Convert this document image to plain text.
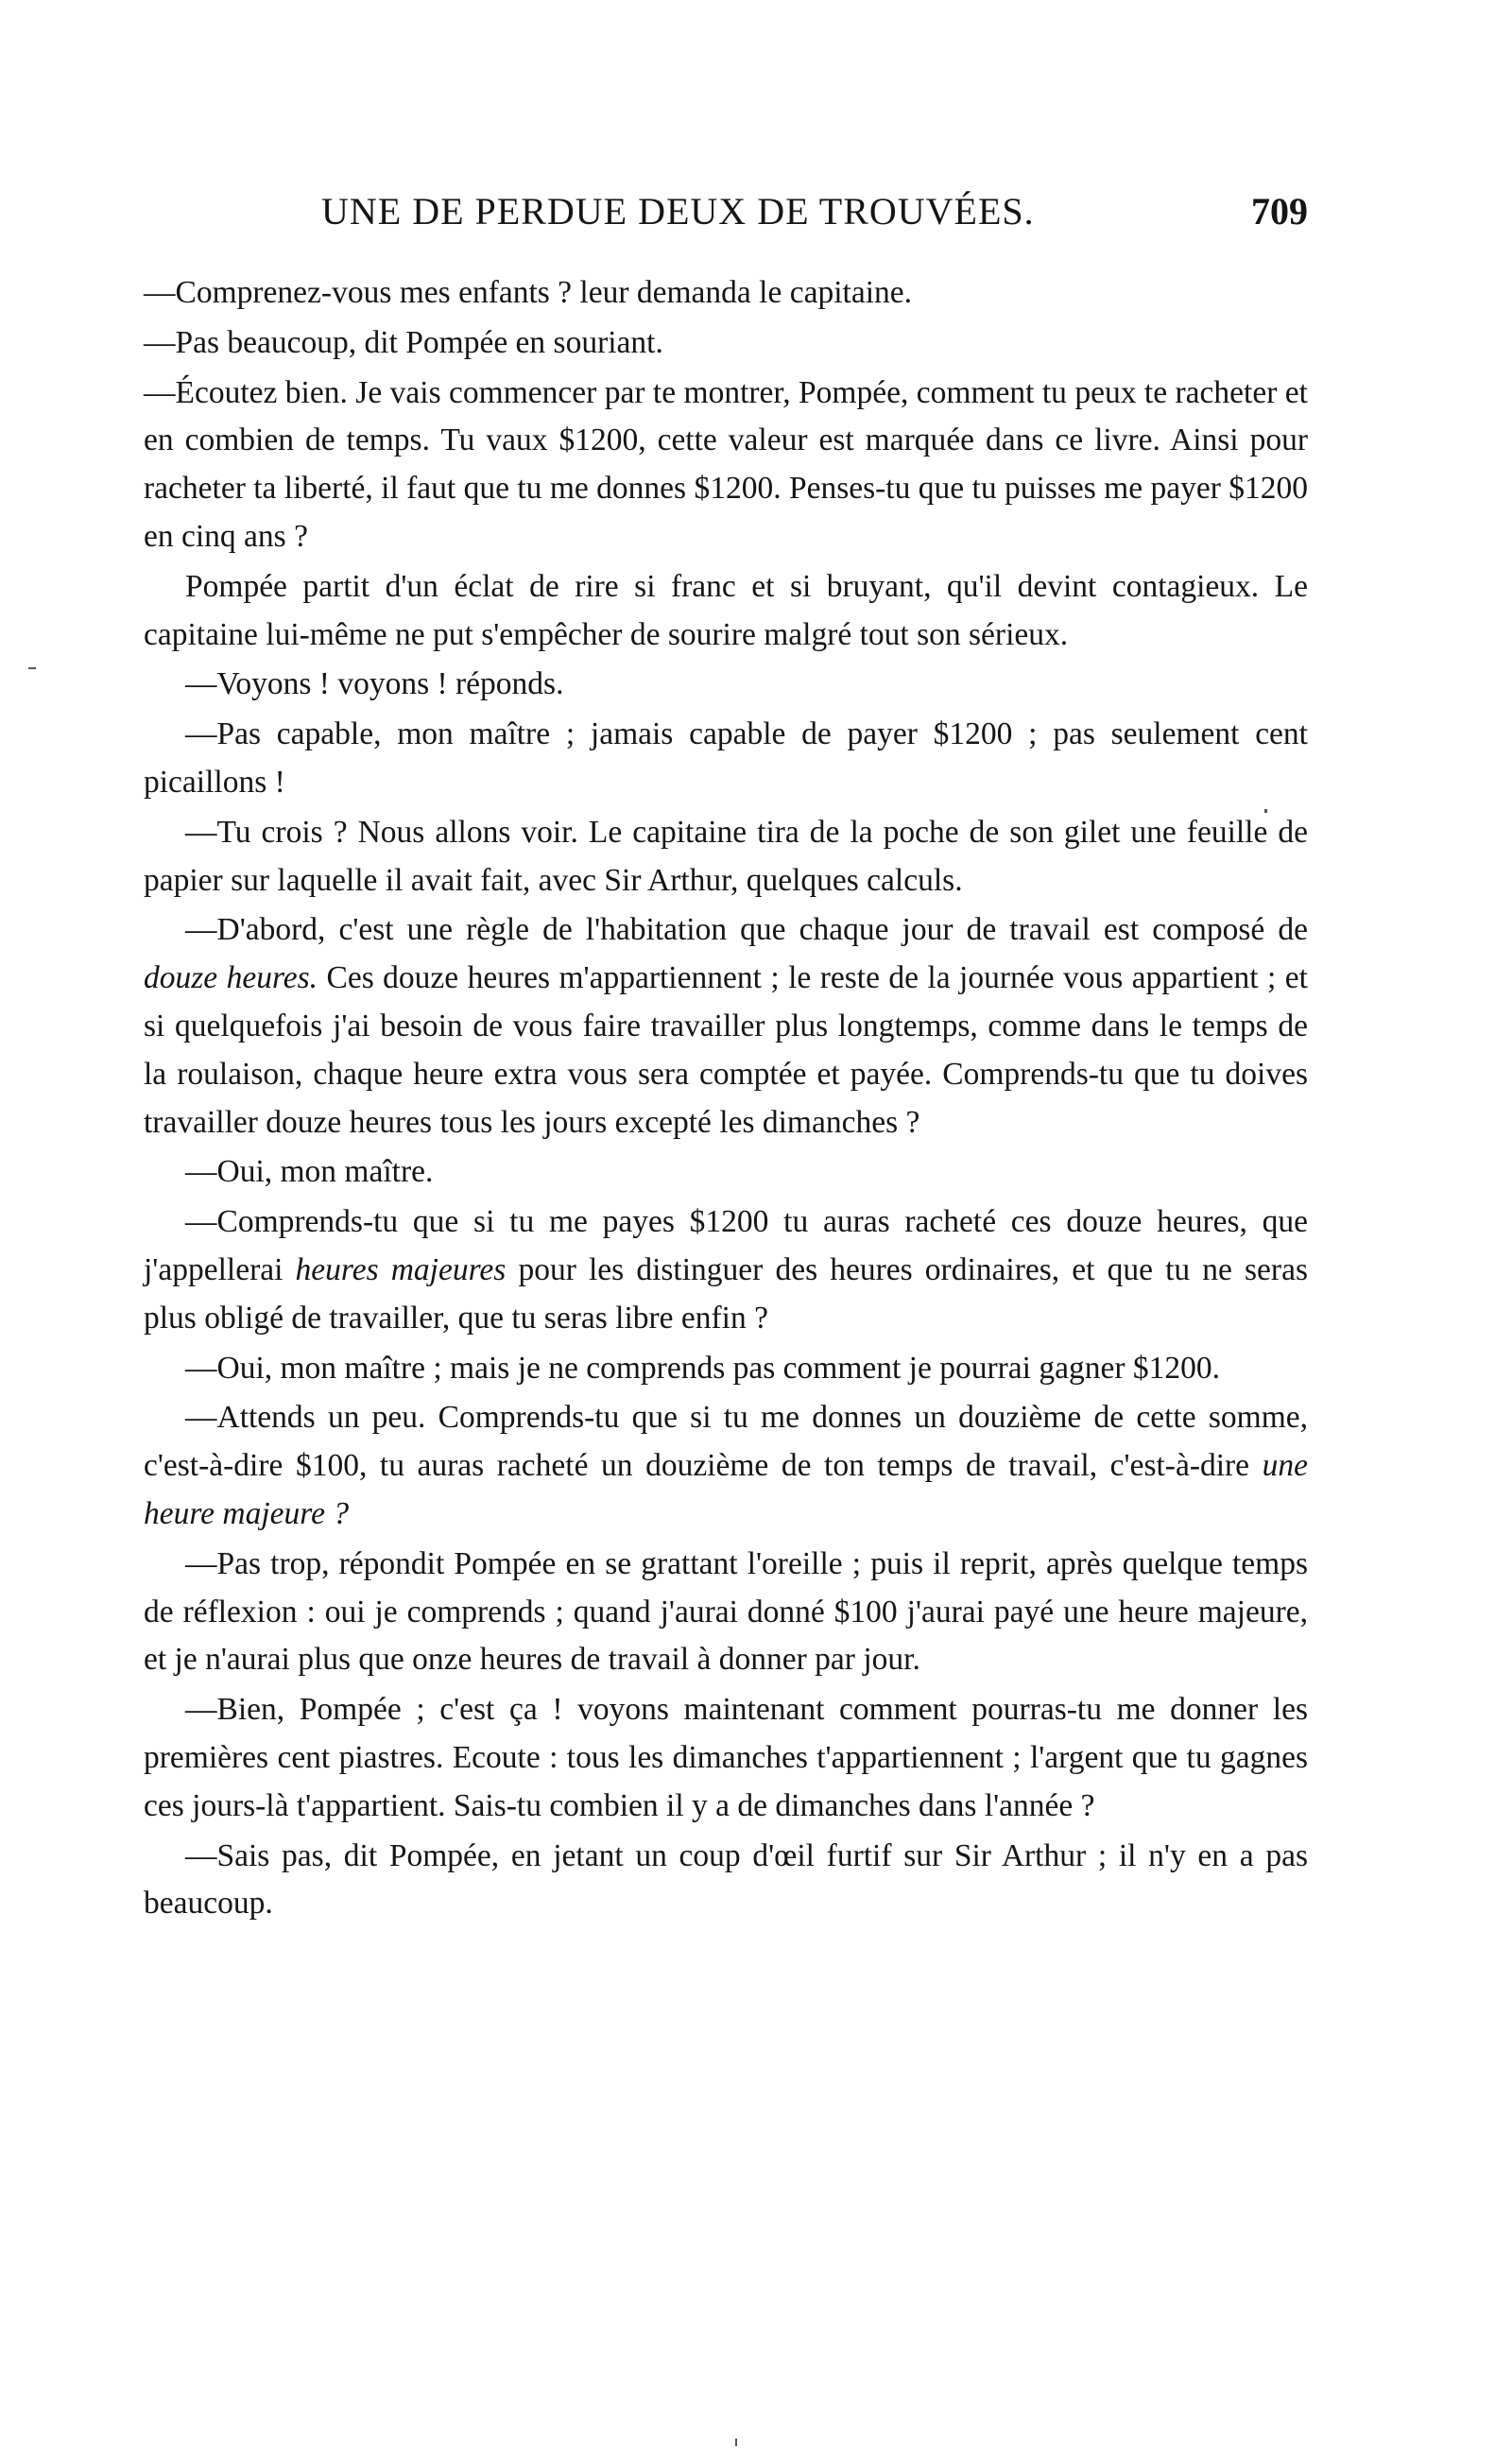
UNE DE PERDUE DEUX DE TROUVÉES.	709

—Comprenez-vous mes enfants ? leur demanda le capitaine.

—Pas beaucoup, dit Pompée en souriant.

—Écoutez bien. Je vais commencer par te montrer, Pompée, comment tu peux te racheter et en combien de temps. Tu vaux $1200, cette valeur est marquée dans ce livre. Ainsi pour racheter ta liberté, il faut que tu me donnes $1200. Penses-tu que tu puisses me payer $1200 en cinq ans ?

Pompée partit d'un éclat de rire si franc et si bruyant, qu'il devint contagieux. Le capitaine lui-même ne put s'empêcher de sourire malgré tout son sérieux.

—Voyons ! voyons ! réponds.

—Pas capable, mon maître ; jamais capable de payer $1200 ; pas seulement cent picaillons !

—Tu crois ? Nous allons voir. Le capitaine tira de la poche de son gilet une feuille de papier sur laquelle il avait fait, avec Sir Arthur, quelques calculs.

—D'abord, c'est une règle de l'habitation que chaque jour de travail est composé de douze heures. Ces douze heures m'appartiennent ; le reste de la journée vous appartient ; et si quelquefois j'ai besoin de vous faire travailler plus longtemps, comme dans le temps de la roulaison, chaque heure extra vous sera comptée et payée. Comprends-tu que tu doives travailler douze heures tous les jours excepté les dimanches ?

—Oui, mon maître.

—Comprends-tu que si tu me payes $1200 tu auras racheté ces douze heures, que j'appellerai heures majeures pour les distinguer des heures ordinaires, et que tu ne seras plus obligé de travailler, que tu seras libre enfin ?

—Oui, mon maître ; mais je ne comprends pas comment je pourrai gagner $1200.

—Attends un peu. Comprends-tu que si tu me donnes un douzième de cette somme, c'est-à-dire $100, tu auras racheté un douzième de ton temps de travail, c'est-à-dire une heure majeure ?

—Pas trop, répondit Pompée en se grattant l'oreille ; puis il reprit, après quelque temps de réflexion : oui je comprends ; quand j'aurai donné $100 j'aurai payé une heure majeure, et je n'aurai plus que onze heures de travail à donner par jour.

—Bien, Pompée ; c'est ça ! voyons maintenant comment pourras-tu me donner les premières cent piastres. Ecoute : tous les dimanches t'appartiennent ; l'argent que tu gagnes ces jours-là t'appartient. Sais-tu combien il y a de dimanches dans l'année ?

—Sais pas, dit Pompée, en jetant un coup d'œil furtif sur Sir Arthur ; il n'y en a pas beaucoup.
